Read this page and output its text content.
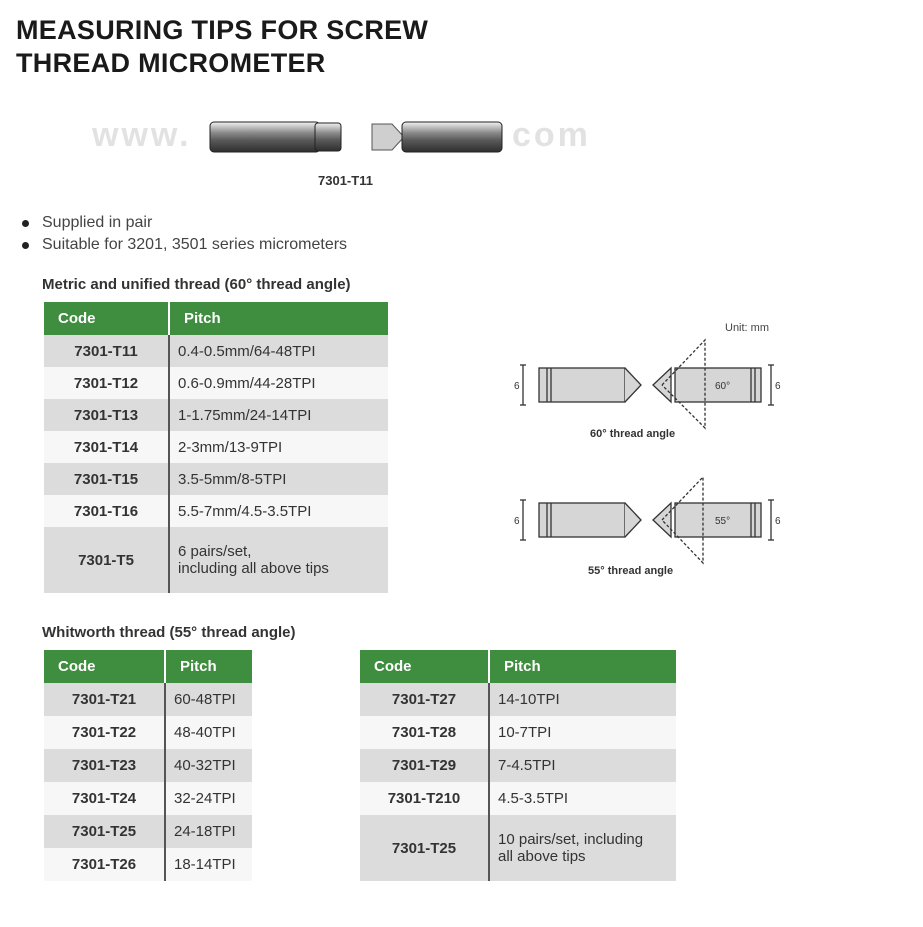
MEASURING TIPS FOR SCREW
THREAD MICROMETER
www.	com
7301-T11
Supplied in pair
Suitable for 3201, 3501 series micrometers
Metric and unified thread (60° thread angle)
Code	Pitch
7301-T11	0.4-0.5mm/64-48TPI
7301-T12	0.6-0.9mm/44-28TPI
7301-T13	1-1.75mm/24-14TPI
7301-T14	2-3mm/13-9TPI
7301-T15	3.5-5mm/8-5TPI
7301-T16	5.5-7mm/4.5-3.5TPI
7301-T5	6 pairs/set,
including all above tips
Unit: mm
6	60°	6
60° thread angle
6	55°	6
55° thread angle
Whitworth thread (55° thread angle)
Code	Pitch
7301-T21	60-48TPI
7301-T22	48-40TPI
7301-T23	40-32TPI
7301-T24	32-24TPI
7301-T25	24-18TPI
7301-T26	18-14TPI
Code	Pitch
7301-T27	14-10TPI
7301-T28	10-7TPI
7301-T29	7-4.5TPI
7301-T210	4.5-3.5TPI
7301-T25	10 pairs/set, including
all above tips
